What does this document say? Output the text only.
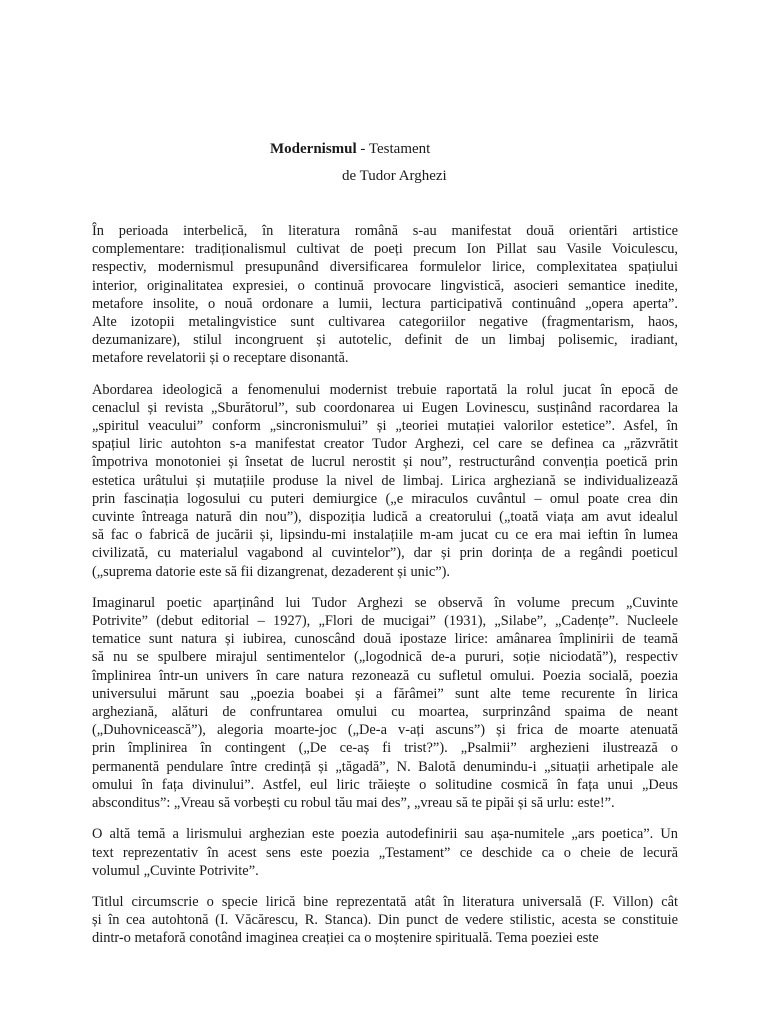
Modernismul - Testament
de Tudor Arghezi

În perioada interbelică, în literatura română s-au manifestat două orientări artistice
complementare: tradiționalismul cultivat de poeți precum Ion Pillat sau Vasile Voiculescu,
respectiv, modernismul presupunând diversificarea formulelor lirice, complexitatea spațiului
interior, originalitatea expresiei, o continuă provocare lingvistică, asocieri semantice inedite,
metafore insolite, o nouă ordonare a lumii, lectura participativă continuând „opera aperta”.
Alte izotopii metalingvistice sunt cultivarea categoriilor negative (fragmentarism, haos,
dezumanizare), stilul incongruent și autotelic, definit de un limbaj polisemic, iradiant,
metafore revelatorii și o receptare disonantă.

Abordarea ideologică a fenomenului modernist trebuie raportată la rolul jucat în epocă de
cenaclul și revista „Sburătorul”, sub coordonarea ui Eugen Lovinescu, susținând racordarea la
„spiritul veacului” conform „sincronismului” și „teoriei mutației valorilor estetice”. Asfel, în
spațiul liric autohton s-a manifestat creator Tudor Arghezi, cel care se definea ca „răzvrătit
împotriva monotoniei și însetat de lucrul nerostit și nou”, restructurând convenția poetică prin
estetica urâtului și mutațiile produse la nivel de limbaj. Lirica argheziană se individualizează
prin fascinația logosului cu puteri demiurgice („e miraculos cuvântul – omul poate crea din
cuvinte întreaga natură din nou”), dispoziția ludică a creatorului („toată viața am avut idealul
să fac o fabrică de jucării și, lipsindu-mi instalațiile m-am jucat cu ce era mai ieftin în lumea
civilizată, cu materialul vagabond al cuvintelor”), dar și prin dorința de a regândi poeticul
(„suprema datorie este să fii dizangrenat, dezaderent și unic”).

Imaginarul poetic aparținând lui Tudor Arghezi se observă în volume precum „Cuvinte
Potrivite” (debut editorial – 1927), „Flori de mucigai” (1931), „Silabe”, „Cadențe”. Nucleele
tematice sunt natura și iubirea, cunoscând două ipostaze lirice: amânarea împlinirii de teamă
să nu se spulbere mirajul sentimentelor („logodnică de-a pururi, soție niciodată”), respectiv
împlinirea într-un univers în care natura rezonează cu sufletul omului. Poezia socială, poezia
universului mărunt sau „poezia boabei și a fărâmei” sunt alte teme recurente în lirica
argheziană, alături de confruntarea omului cu moartea, surprinzând spaima de neant
(„Duhovnicească”), alegoria moarte-joc („De-a v-ați ascuns”) și frica de moarte atenuată
prin împlinirea în contingent („De ce-aș fi trist?”). „Psalmii” arghezieni ilustrează o
permanentă pendulare între credință și „tăgadă”, N. Balotă denumindu-i „situații arhetipale ale
omului în fața divinului”. Astfel, eul liric trăiește o solitudine cosmică în fața unui „Deus
absconditus”: „Vreau să vorbești cu robul tău mai des”, „vreau să te pipăi și să urlu: este!”.

O altă temă a lirismului arghezian este poezia autodefinirii sau așa-numitele „ars poetica”. Un
text reprezentativ în acest sens este poezia „Testament” ce deschide ca o cheie de lecură
volumul „Cuvinte Potrivite”.

Titlul circumscrie o specie lirică bine reprezentată atât în literatura universală (F. Villon) cât
și în cea autohtonă (I. Văcărescu, R. Stanca). Din punct de vedere stilistic, acesta se constituie
dintr-o metaforă conotând imaginea creației ca o moștenire spirituală. Tema poeziei este
